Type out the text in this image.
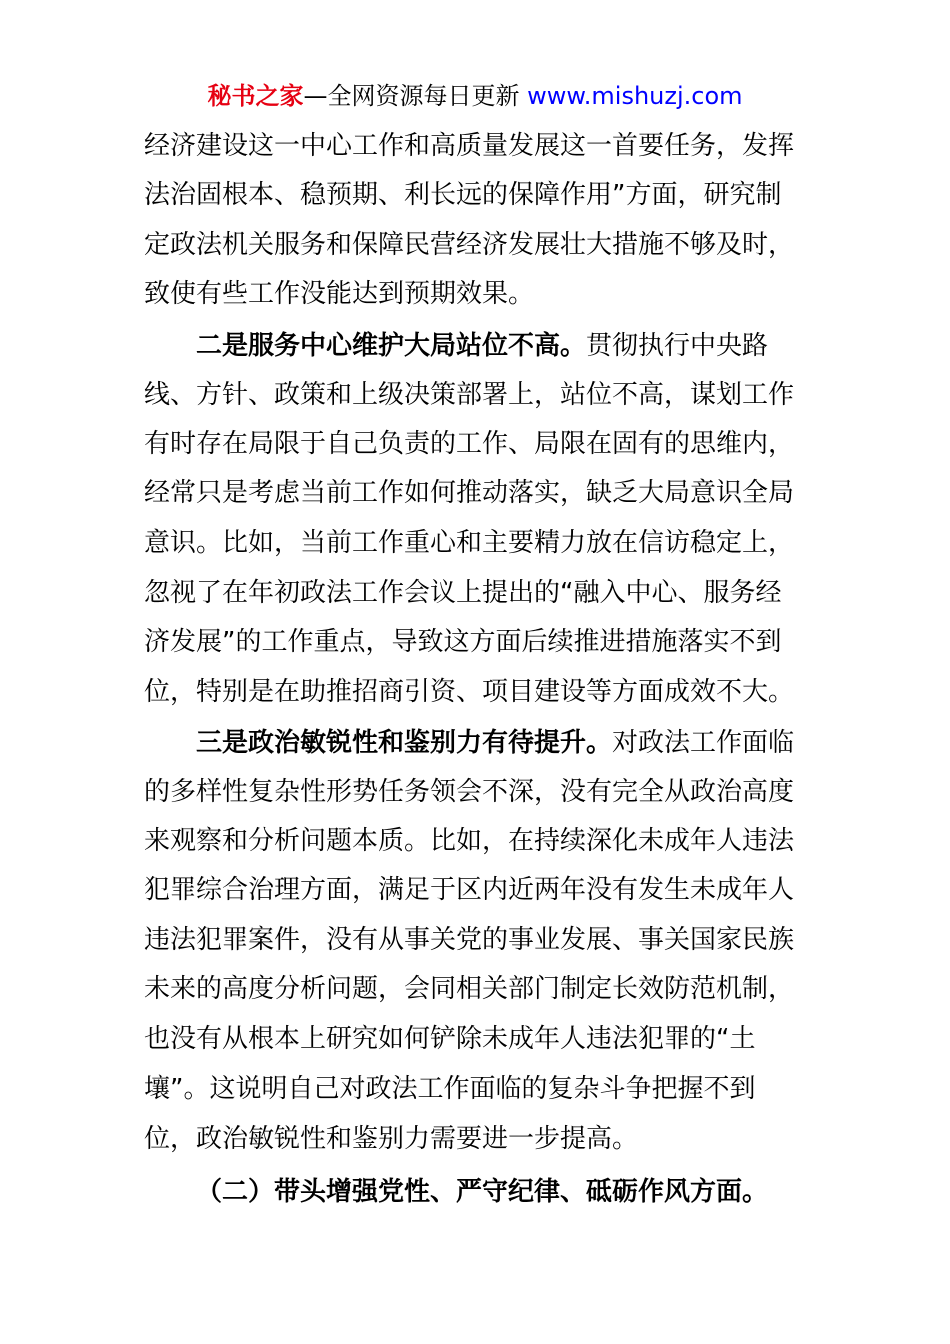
秘书之家—全网资源每日更新 www.mishuzj.com
经济建设这一中心工作和高质量发展这一首要任务，发挥
法治固根本、稳预期、利长远的保障作用”方面，研究制
定政法机关服务和保障民营经济发展壮大措施不够及时，
致使有些工作没能达到预期效果。
二是服务中心维护大局站位不高。贯彻执行中央路
线、方针、政策和上级决策部署上，站位不高，谋划工作
有时存在局限于自己负责的工作、局限在固有的思维内，
经常只是考虑当前工作如何推动落实，缺乏大局意识全局
意识。比如，当前工作重心和主要精力放在信访稳定上，
忽视了在年初政法工作会议上提出的“融入中心、服务经
济发展”的工作重点，导致这方面后续推进措施落实不到
位，特别是在助推招商引资、项目建设等方面成效不大。
三是政治敏锐性和鉴别力有待提升。对政法工作面临
的多样性复杂性形势任务领会不深，没有完全从政治高度
来观察和分析问题本质。比如，在持续深化未成年人违法
犯罪综合治理方面，满足于区内近两年没有发生未成年人
违法犯罪案件，没有从事关党的事业发展、事关国家民族
未来的高度分析问题，会同相关部门制定长效防范机制，
也没有从根本上研究如何铲除未成年人违法犯罪的“土
壤”。这说明自己对政法工作面临的复杂斗争把握不到
位，政治敏锐性和鉴别力需要进一步提高。
（二）带头增强党性、严守纪律、砥砺作风方面。
